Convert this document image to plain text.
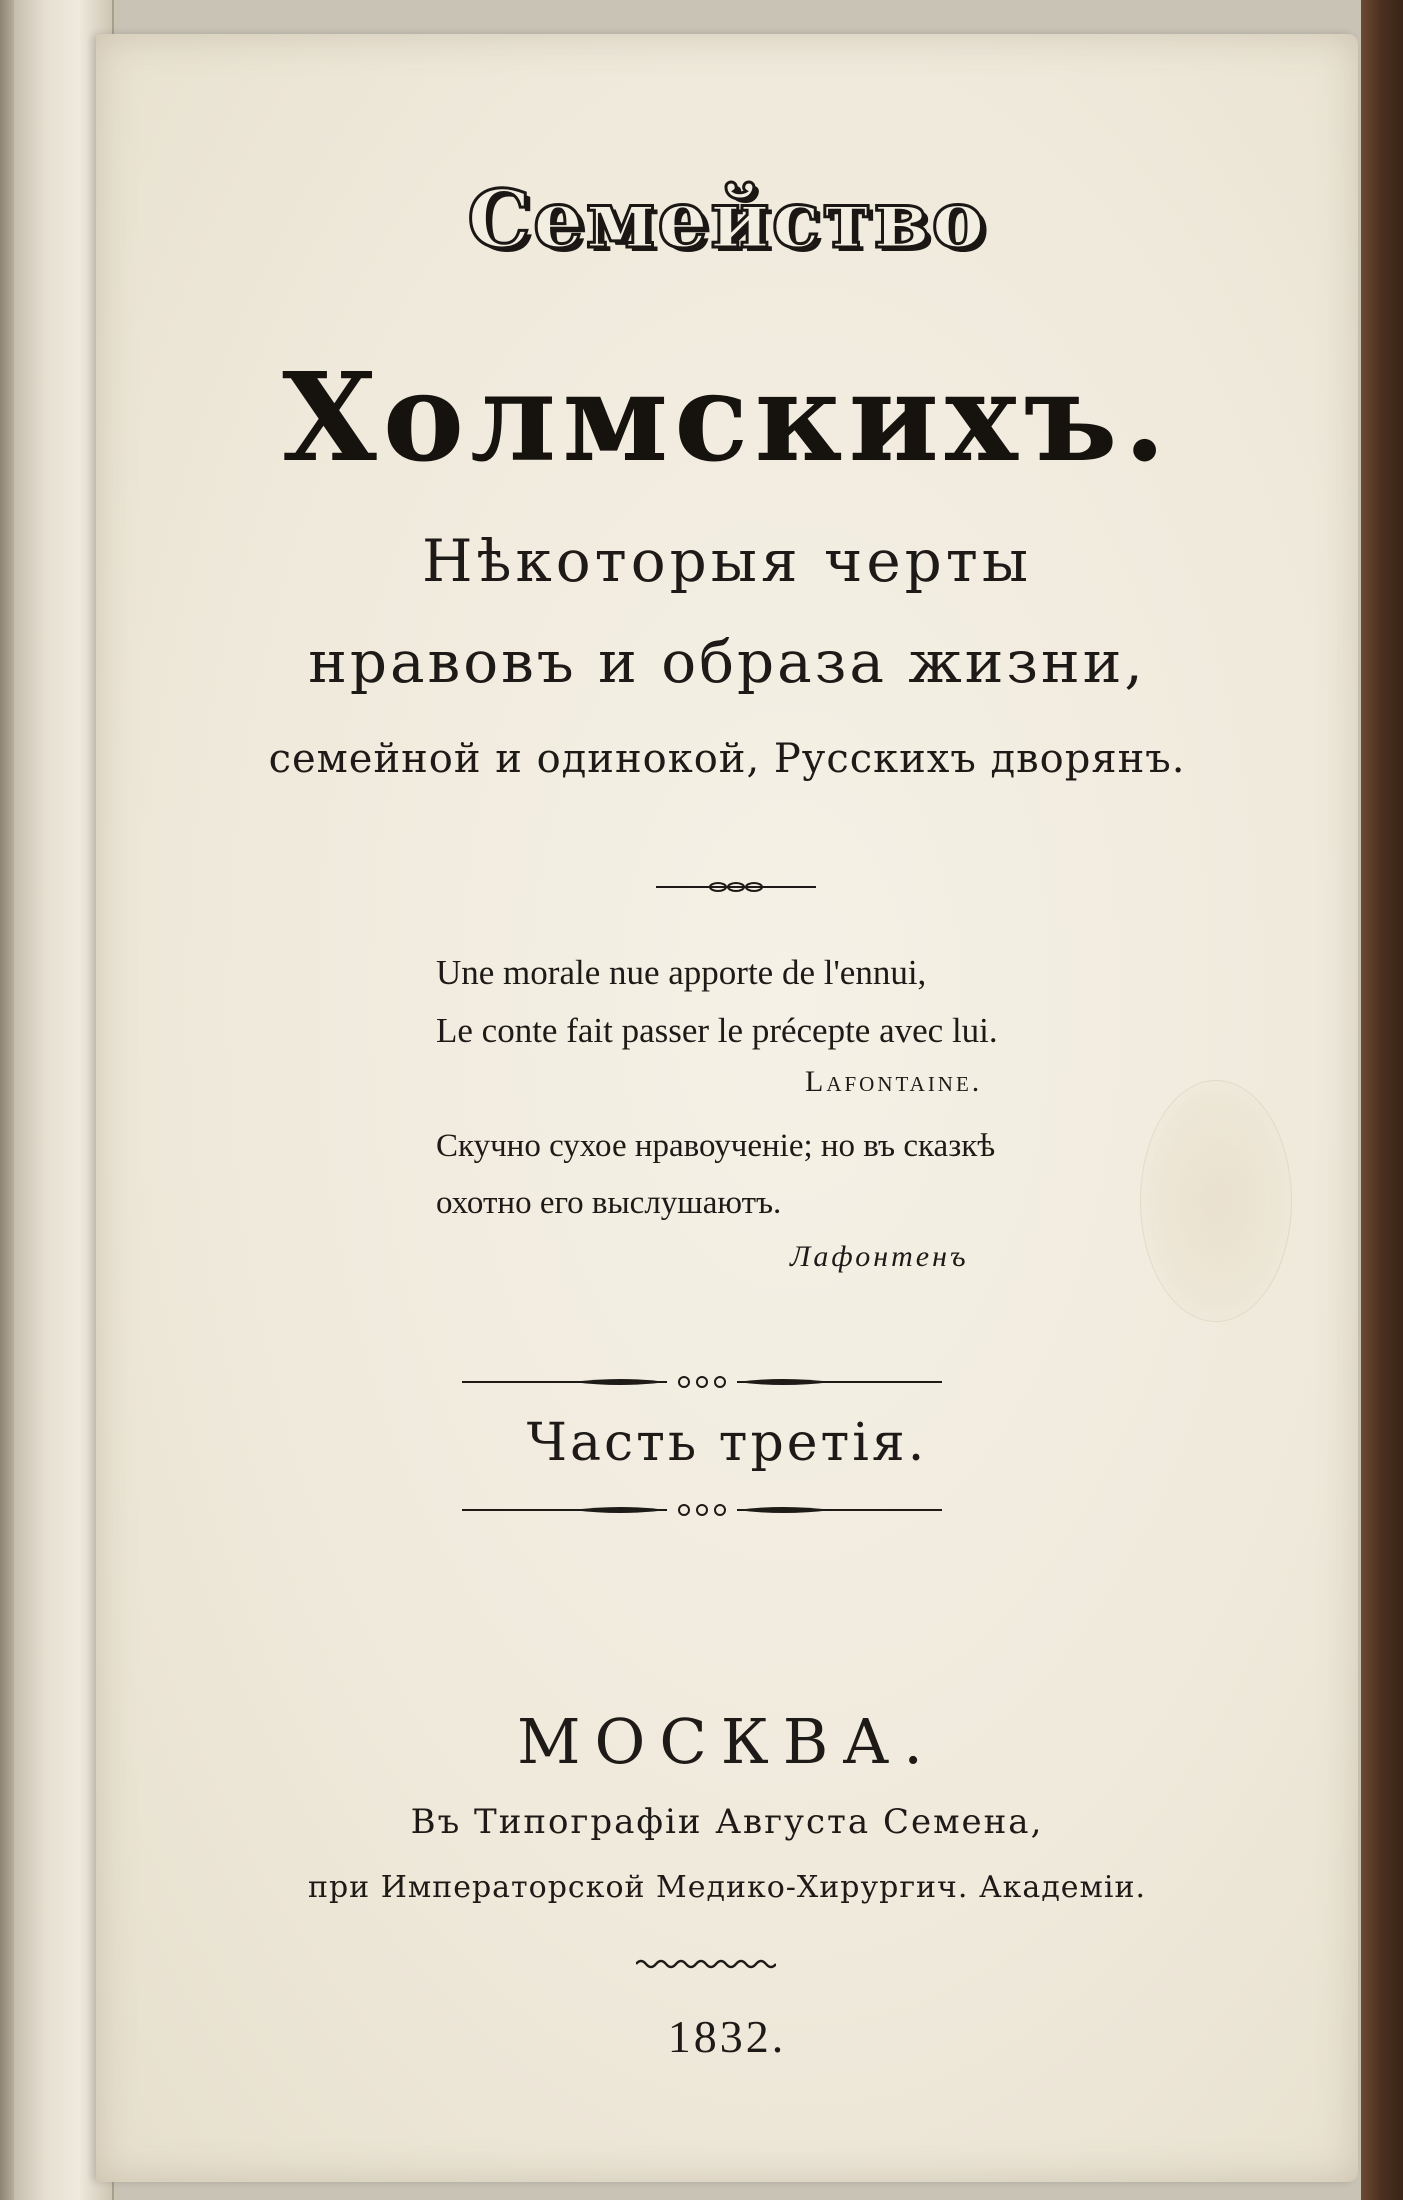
Семейство
Холмскихъ.
Нѣкоторыя черты
нравовъ и образа жизни,
семейной и одинокой, Русскихъ дворянъ.
Une morale nue apporte de l'ennui,
Le conte fait passer le précepte avec lui.
Lafontaine.
Скучно сухое нравоученіе; но въ сказкѣ
охотно его выслушаютъ.
Лафонтенъ
Часть третія.
МОСКВА.
Въ Типографіи Августа Семена,
при Императорской Медико-Хирургич. Академіи.
1832.
